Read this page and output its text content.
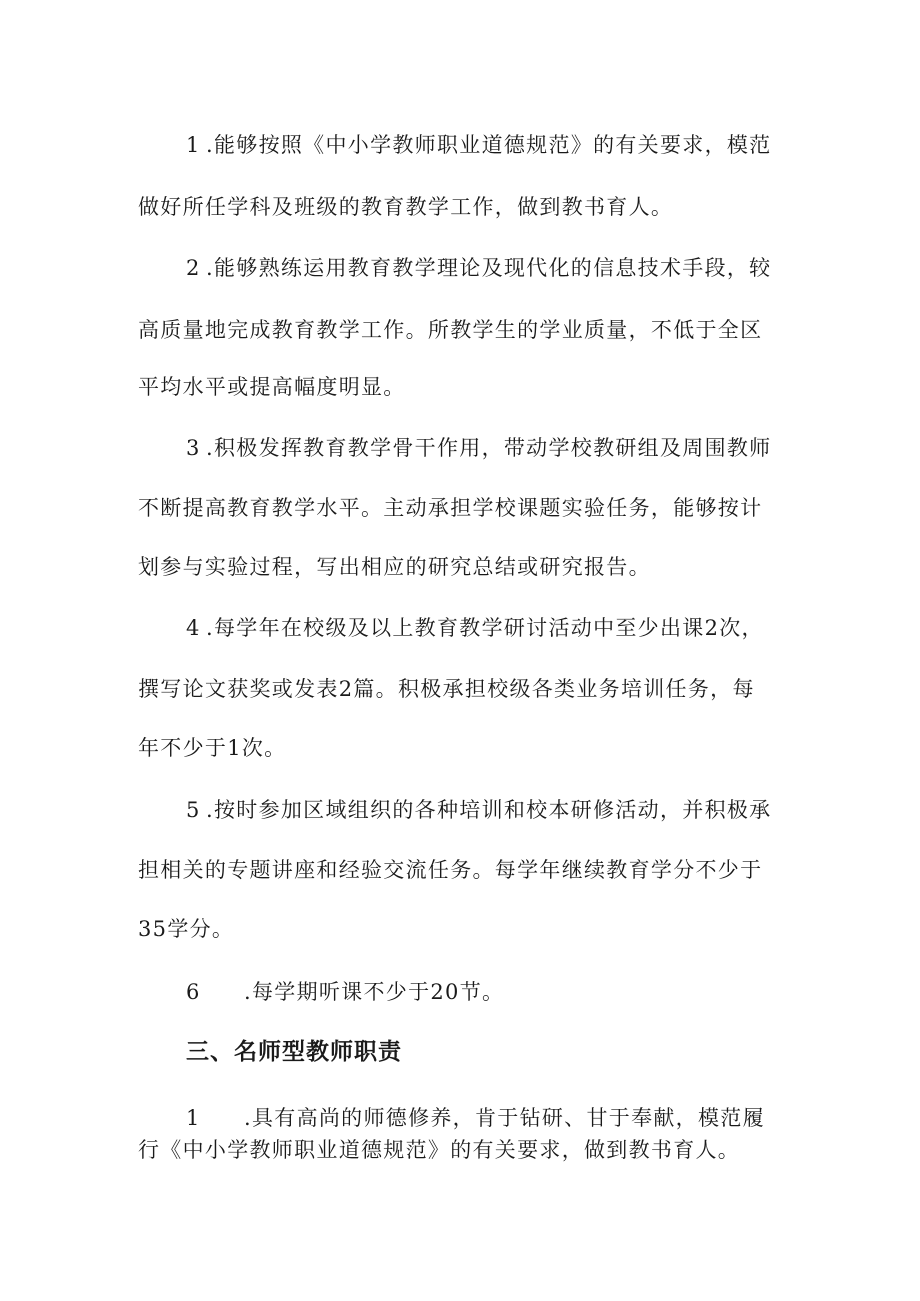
1 .能够按照《中小学教师职业道德规范》的有关要求，模范
做好所任学科及班级的教育教学工作，做到教书育人。
2 .能够熟练运用教育教学理论及现代化的信息技术手段，较
高质量地完成教育教学工作。所教学生的学业质量，不低于全区
平均水平或提高幅度明显。
3 .积极发挥教育教学骨干作用，带动学校教研组及周围教师
不断提高教育教学水平。主动承担学校课题实验任务，能够按计
划参与实验过程，写出相应的研究总结或研究报告。
4 .每学年在校级及以上教育教学研讨活动中至少出课2次，
撰写论文获奖或发表2篇。积极承担校级各类业务培训任务，每
年不少于1次。
5 .按时参加区域组织的各种培训和校本研修活动，并积极承
担相关的专题讲座和经验交流任务。每学年继续教育学分不少于
35学分。
6 .每学期听课不少于20节。
三、名师型教师职责
1 .具有高尚的师德修养，肯于钻研、甘于奉献，模范履
行《中小学教师职业道德规范》的有关要求，做到教书育人。
